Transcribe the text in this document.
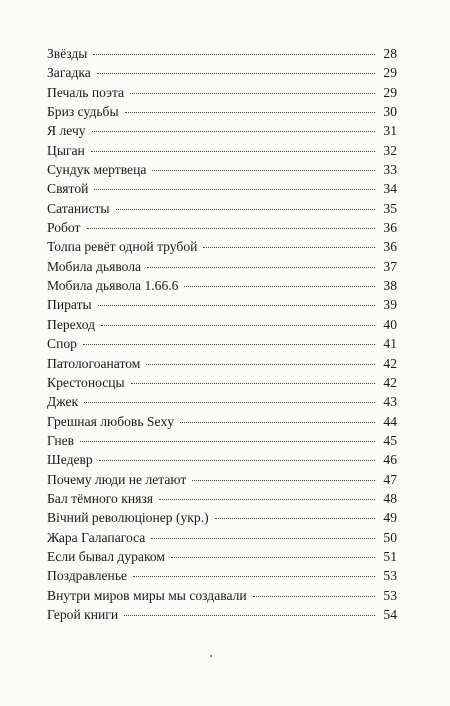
Звёзды	28
Загадка	29
Печаль поэта	29
Бриз судьбы	30
Я лечу	31
Цыган	32
Сундук мертвеца	33
Святой	34
Сатанисты	35
Робот	36
Толпа ревёт одной трубой	36
Мобила дьявола	37
Мобила дьявола 1.66.6	38
Пираты	39
Переход	40
Спор	41
Патологоанатом	42
Крестоносцы	42
Джек	43
Грешная любовь Sexy	44
Гнев	45
Шедевр	46
Почему люди не летают	47
Бал тёмного князя	48
Вічний революціонер (укр.)	49
Жара Галапагоса	50
Если бывал дураком	51
Поздравленье	53
Внутри миров миры мы создавали	53
Герой книги	54
